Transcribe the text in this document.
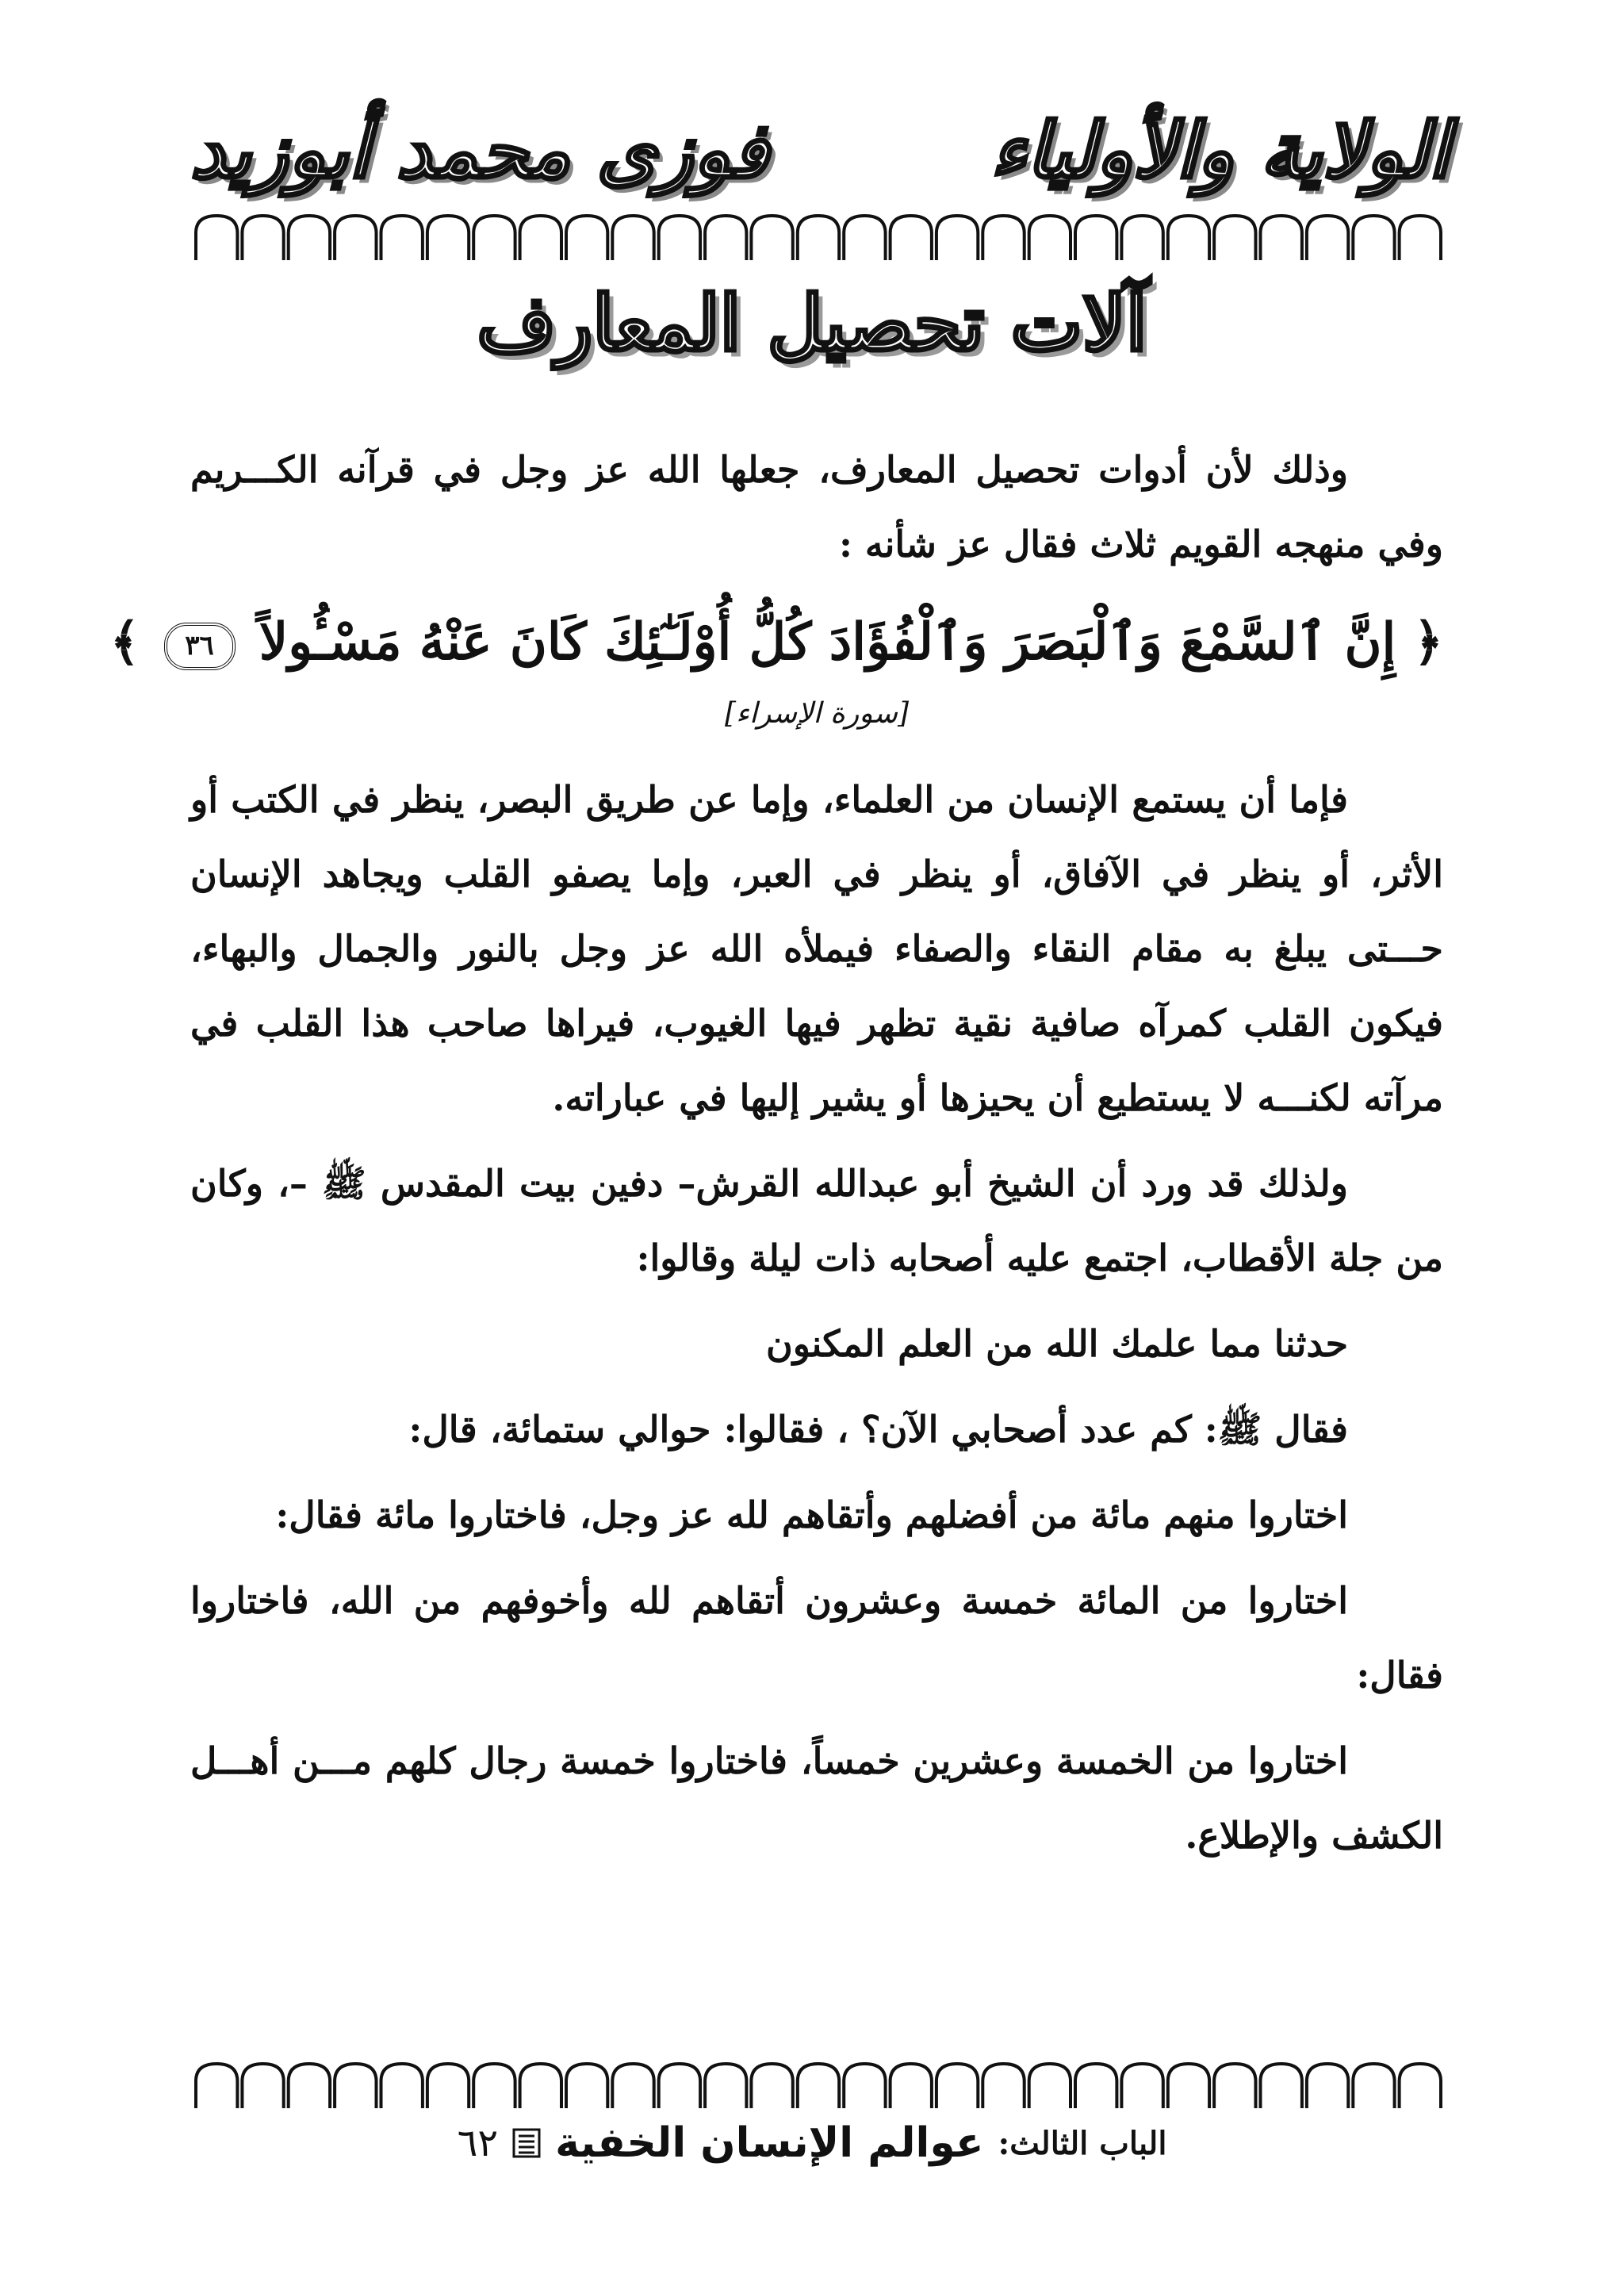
الولاية والأولياء
فوزى محمد أبوزيد
آلات تحصيل المعارف

وذلك لأن أدوات تحصيل المعارف، جعلها الله عز وجل في قرآنه الكـــريم وفي منهجه القويم ثلاث فقال عز شأنه :

﴿ إِنَّ ٱلسَّمْعَ وَٱلْبَصَرَ وَٱلْفُؤَادَ كُلُّ أُوْلَـٰٓئِكَ كَانَ عَنْهُ مَسْـُٔولاً ٣٦ ﴾
[سورة الإسراء]

فإما أن يستمع الإنسان من العلماء، وإما عن طريق البصر، ينظر في الكتب أو الأثر، أو ينظر في الآفاق، أو ينظر في العبر، وإما يصفو القلب ويجاهد الإنسان حـــتى يبلغ به مقام النقاء والصفاء فيملأه الله عز وجل بالنور والجمال والبهاء، فيكون القلب كمرآه صافية نقية تظهر فيها الغيوب، فيراها صاحب هذا القلب في مرآته لكنـــه لا يستطيع أن يحيزها أو يشير إليها في عباراته.

ولذلك قد ورد أن الشيخ أبو عبدالله القرش– دفين بيت المقدس ﷺ –، وكان من جلة الأقطاب، اجتمع عليه أصحابه ذات ليلة وقالوا:

حدثنا مما علمك الله من العلم المكنون

فقال ﷺ: كم عدد أصحابي الآن؟ ، فقالوا: حوالي ستمائة، قال:

اختاروا منهم مائة من أفضلهم وأتقاهم لله عز وجل، فاختاروا مائة فقال:

اختاروا من المائة خمسة وعشرون أتقاهم لله وأخوفهم من الله، فاختاروا فقال:

اختاروا من الخمسة وعشرين خمساً، فاختاروا خمسة رجال كلهم مـــن أهـــل الكشف والإطلاع.

الباب الثالث:
عوالم الإنسان الخفية
٦٢
